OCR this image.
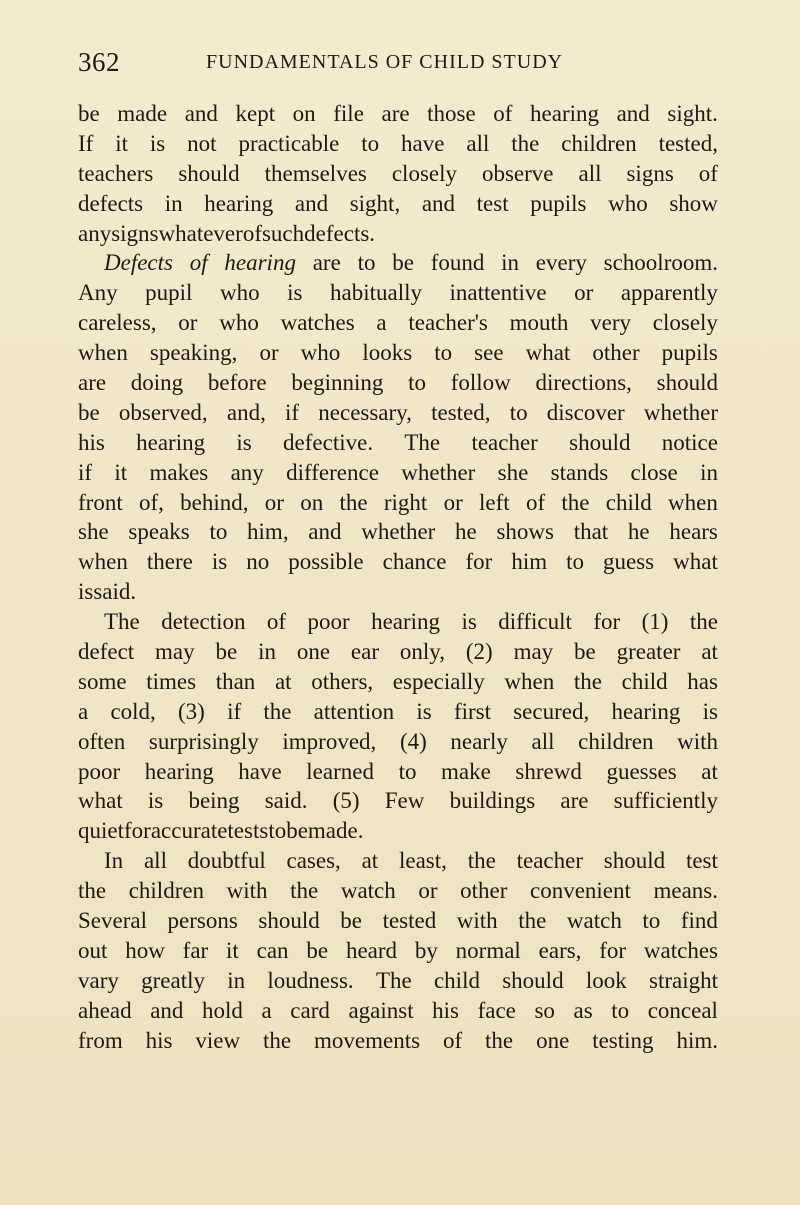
362	FUNDAMENTALS OF CHILD STUDY
be made and kept on file are those of hearing and sight.
If it is not practicable to have all the children tested,
teachers should themselves closely observe all signs of
defects in hearing and sight, and test pupils who show
any signs whatever of such defects.
Defects of hearing are to be found in every schoolroom.
Any pupil who is habitually inattentive or apparently
careless, or who watches a teacher's mouth very closely
when speaking, or who looks to see what other pupils
are doing before beginning to follow directions, should
be observed, and, if necessary, tested, to discover whether
his hearing is defective. The teacher should notice
if it makes any difference whether she stands close in
front of, behind, or on the right or left of the child when
she speaks to him, and whether he shows that he hears
when there is no possible chance for him to guess what
is said.
The detection of poor hearing is difficult for (1) the
defect may be in one ear only, (2) may be greater at
some times than at others, especially when the child has
a cold, (3) if the attention is first secured, hearing is
often surprisingly improved, (4) nearly all children with
poor hearing have learned to make shrewd guesses at
what is being said. (5) Few buildings are sufficiently
quiet for accurate tests to be made.
In all doubtful cases, at least, the teacher should test
the children with the watch or other convenient means.
Several persons should be tested with the watch to find
out how far it can be heard by normal ears, for watches
vary greatly in loudness. The child should look straight
ahead and hold a card against his face so as to conceal
from his view the movements of the one testing him.
